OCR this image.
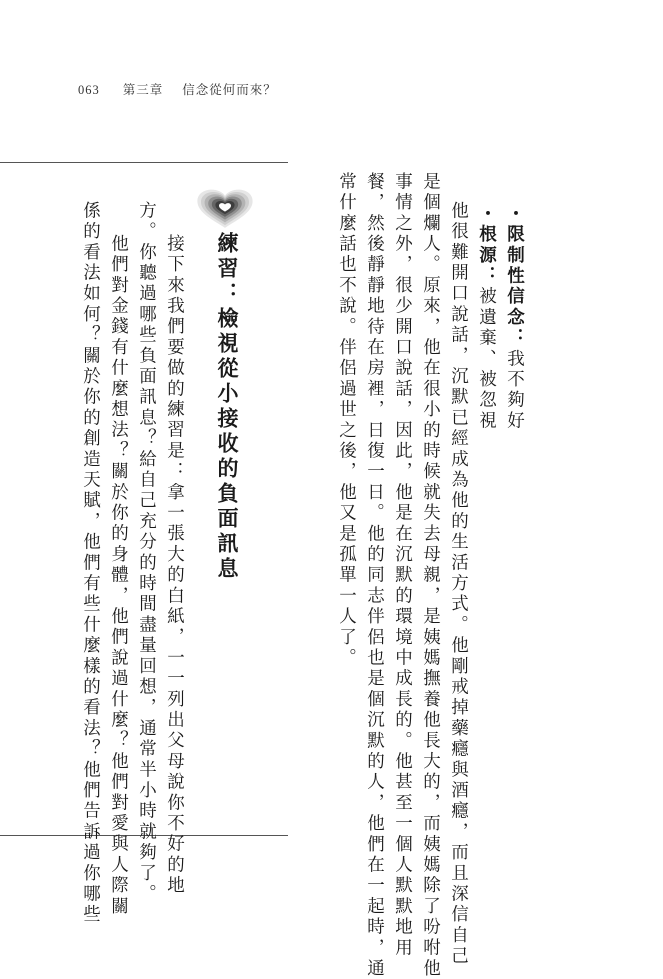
063 第三章 信念從何而來？
・限制性信念：我不夠好
・根源：被遺棄、被忽視
他很難開口說話，沉默已經成為他的生活方式。他剛戒掉藥癮與酒癮，而且深信自己
是個爛人。原來，他在很小的時候就失去母親，是姨媽撫養他長大的，而姨媽除了吩咐他
事情之外，很少開口說話，因此，他是在沉默的環境中成長的。他甚至一個人默默地用
餐，然後靜靜地待在房裡，日復一日。他的同志伴侶也是個沉默的人，他們在一起時，通
常什麼話也不說。伴侶過世之後，他又是孤單一人了。
練習：檢視從小接收的負面訊息
接下來我們要做的練習是：拿一張大的白紙，一一列出父母說你不好的地
方。你聽過哪些負面訊息？給自己充分的時間盡量回想，通常半小時就夠了。
他們對金錢有什麼想法？關於你的身體，他們說過什麼？他們對愛與人際關
係的看法如何？關於你的創造天賦，他們有些什麼樣的看法？他們告訴過你哪些
